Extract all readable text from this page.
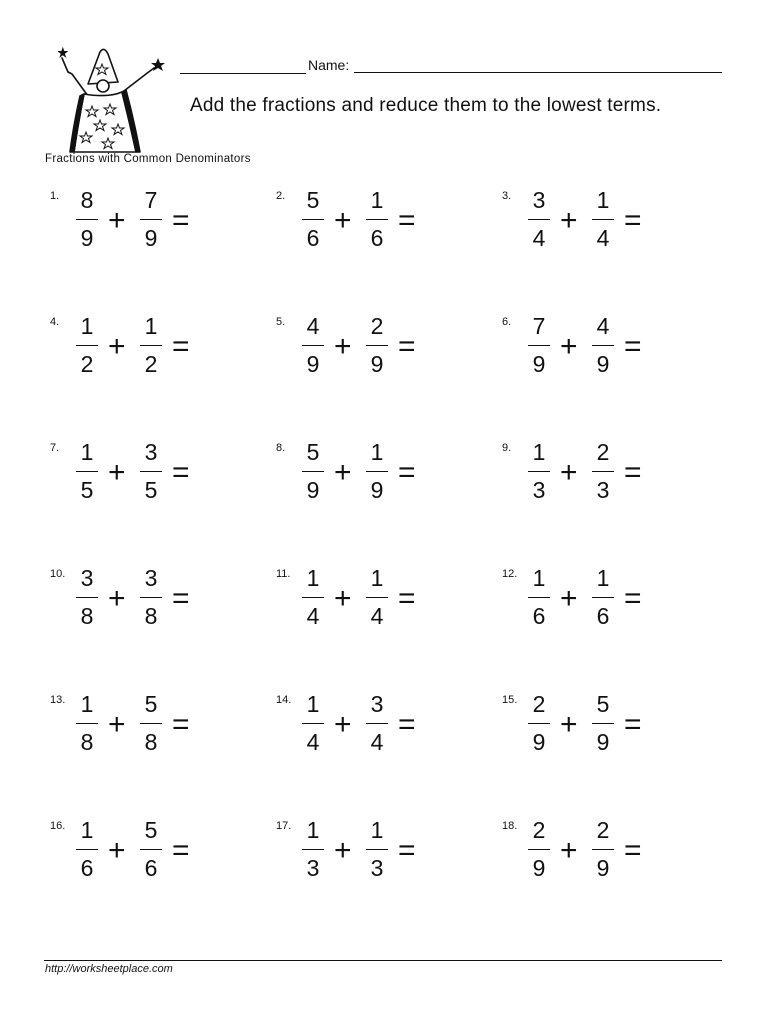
Name:
Add the fractions and reduce them to the lowest terms.
Fractions with Common Denominators
1. 8
9
+
7
9
=
2. 5
6
+
1
6
=
3. 3
4
+
1
4
=
4. 1
2
+
1
2
=
5. 4
9
+
2
9
=
6. 7
9
+
4
9
=
7. 1
5
+
3
5
=
8. 5
9
+
1
9
=
9. 1
3
+
2
3
=
10. 3
8
+
3
8
=
11. 1
4
+
1
4
=
12. 1
6
+
1
6
=
13. 1
8
+
5
8
=
14. 1
4
+
3
4
=
15. 2
9
+
5
9
=
16. 1
6
+
5
6
=
17. 1
3
+
1
3
=
18. 2
9
+
2
9
=
http://worksheetplace.com
